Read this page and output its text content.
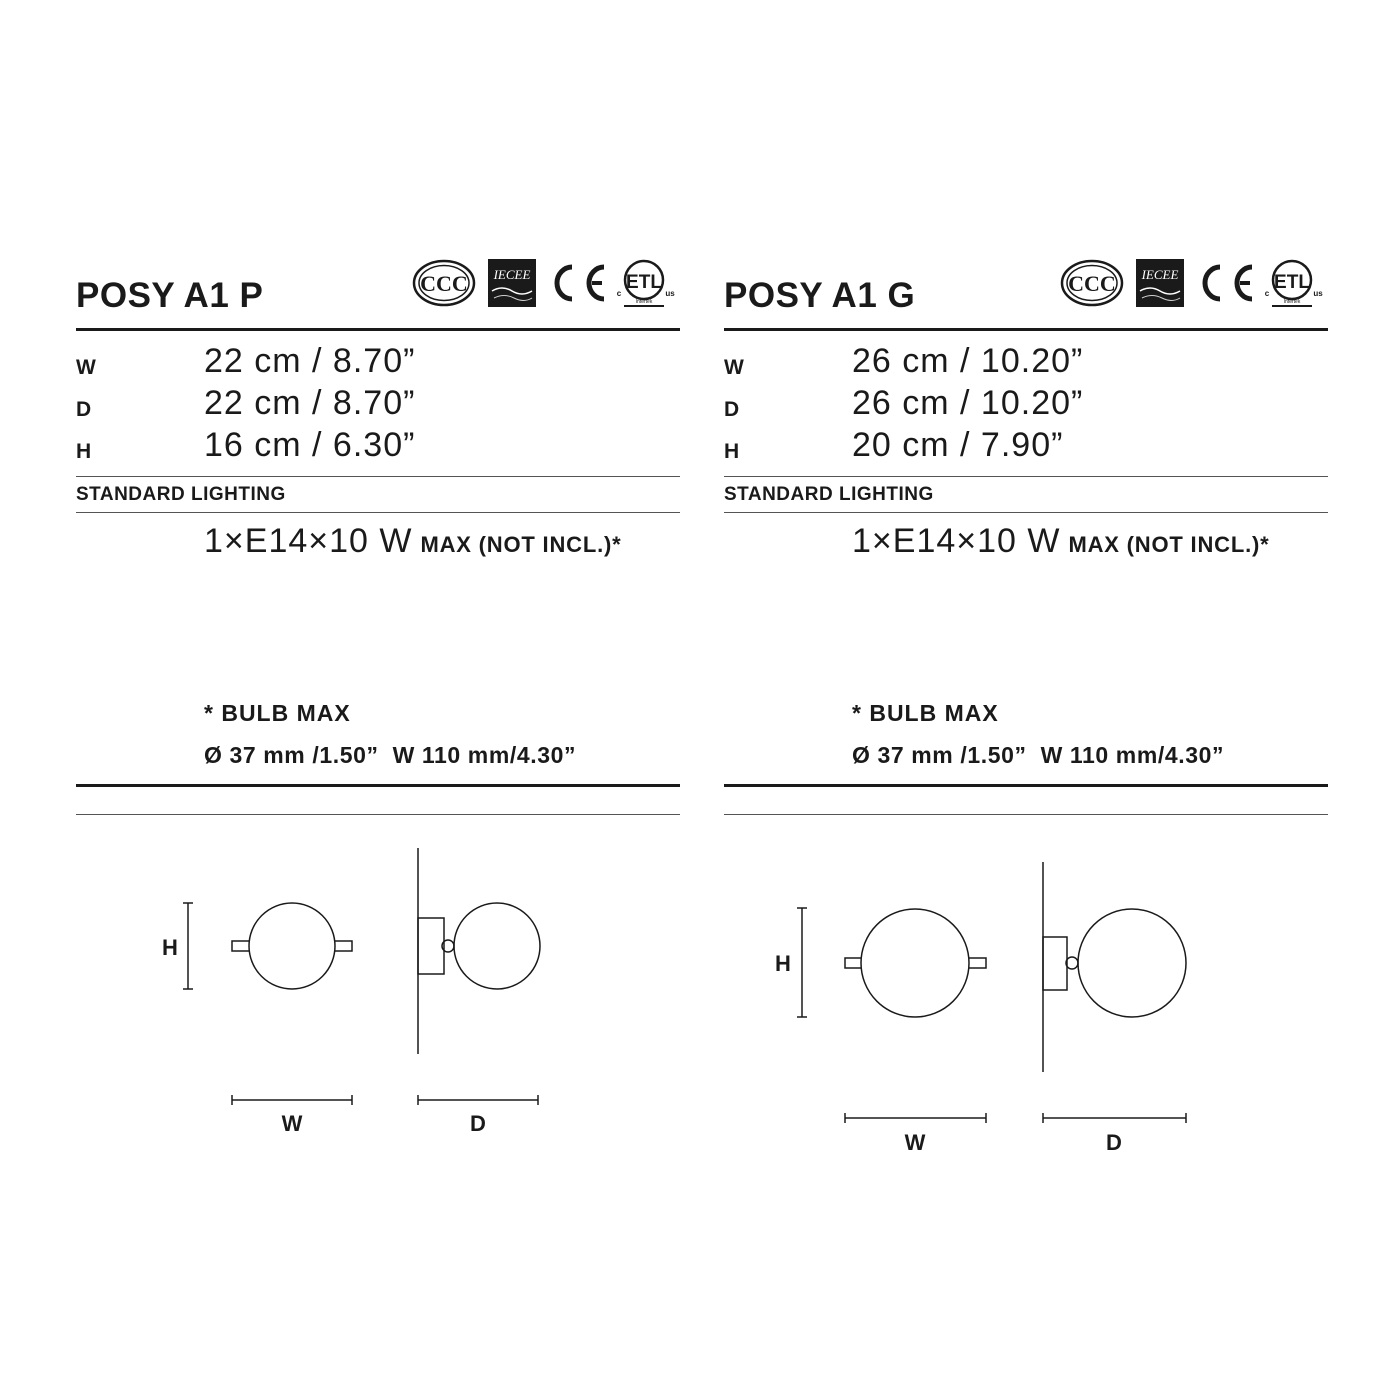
POSY A1 P	CCC IECEE	ETL
c	us
Intertek
W	22 cm / 8.70”
D	22 cm / 8.70”
H	16 cm / 6.30”
STANDARD LIGHTING
1×E14×10 W MAX (NOT INCL.)*
* BULB MAX
Ø 37 mm /1.50”  W 110 mm/4.30”
H
W	D
POSY A1 G	CCC IECEE	ETL
c	us
Intertek
W	26 cm / 10.20”
D	26 cm / 10.20”
H	20 cm / 7.90”
STANDARD LIGHTING
1×E14×10 W MAX (NOT INCL.)*
* BULB MAX
Ø 37 mm /1.50”  W 110 mm/4.30”
H
W	D
